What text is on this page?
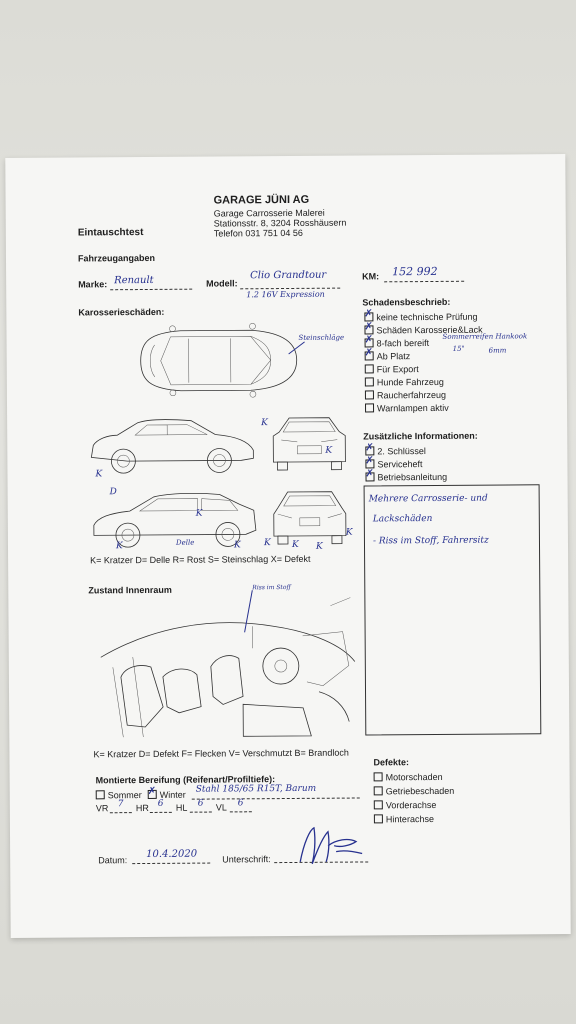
GARAGE JÜNI AG
Garage Carrosserie Malerei
Stationsstr. 8, 3204 Rosshäusern
Telefon 031 751 04 56
Eintauschtest
Fahrzeugangaben
Marke: Renault	Modell:
Clio Grandtour
1.2 16V Expression
KM: 152 992
Karosserieschäden:
Steinschläge
K
K
D
K
Delle
K	K	K K K
K
K
K= Kratzer D= Delle R= Rost S= Steinschlag X= Defekt
Schadensbeschrieb:
✗keine technische Prüfung
✗Schäden Karosserie&Lack
✗8-fach bereift
✗Ab Platz
Für Export
Hunde Fahrzeug
Raucherfahrzeug
Warnlampen aktiv
Sommerreifen Hankook
15"	6mm
Zusätzliche Informationen:
✗2. Schlüssel
✗Serviceheft
✗Betriebsanleitung
Mehrere Carrosserie- und
Lackschäden
- Riss im Stoff, Fahrersitz
Zustand Innenraum	Riss im Stoff
K= Kratzer D= Defekt F= Flecken V= Verschmutzt B= Brandloch
Montierte Bereifung (Reifenart/Profiltiefe):
Sommer
✗	Winter
Stahl 185/65 R15T, Barum
VR 7 HR 6 HL 6 VL 6
Defekte:
Motorschaden
Getriebeschaden
Vorderachse
Hinterachse
Datum:
10.4.2020	Unterschrift:
